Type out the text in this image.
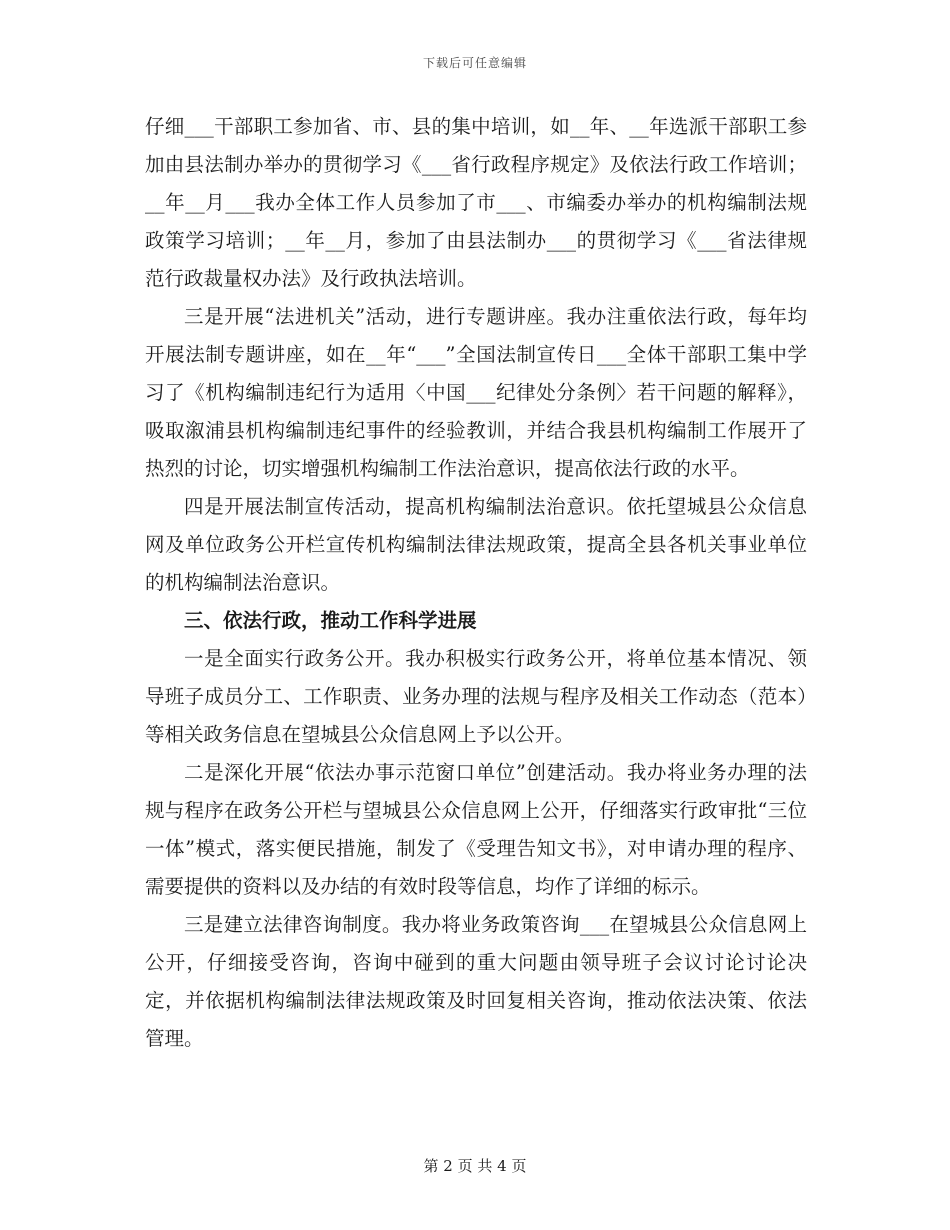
下载后可任意编辑

仔细___干部职工参加省、市、县的集中培训，如__年、__年选派干部职工参加由县法制办举办的贯彻学习《___省行政程序规定》及依法行政工作培训；__年__月___我办全体工作人员参加了市___、市编委办举办的机构编制法规政策学习培训；__年__月，参加了由县法制办___的贯彻学习《___省法律规范行政裁量权办法》及行政执法培训。

三是开展“法进机关”活动，进行专题讲座。我办注重依法行政，每年均开展法制专题讲座，如在__年“___”全国法制宣传日___全体干部职工集中学习了《机构编制违纪行为适用〈中国___纪律处分条例〉若干问题的解释》，吸取溆浦县机构编制违纪事件的经验教训，并结合我县机构编制工作展开了热烈的讨论，切实增强机构编制工作法治意识，提高依法行政的水平。

四是开展法制宣传活动，提高机构编制法治意识。依托望城县公众信息网及单位政务公开栏宣传机构编制法律法规政策，提高全县各机关事业单位的机构编制法治意识。

三、依法行政，推动工作科学进展

一是全面实行政务公开。我办积极实行政务公开，将单位基本情况、领导班子成员分工、工作职责、业务办理的法规与程序及相关工作动态（范本）等相关政务信息在望城县公众信息网上予以公开。

二是深化开展“依法办事示范窗口单位”创建活动。我办将业务办理的法规与程序在政务公开栏与望城县公众信息网上公开，仔细落实行政审批“三位一体”模式，落实便民措施，制发了《受理告知文书》，对申请办理的程序、需要提供的资料以及办结的有效时段等信息，均作了详细的标示。

三是建立法律咨询制度。我办将业务政策咨询___在望城县公众信息网上公开，仔细接受咨询，咨询中碰到的重大问题由领导班子会议讨论讨论决定，并依据机构编制法律法规政策及时回复相关咨询，推动依法决策、依法管理。

第 2 页 共 4 页
